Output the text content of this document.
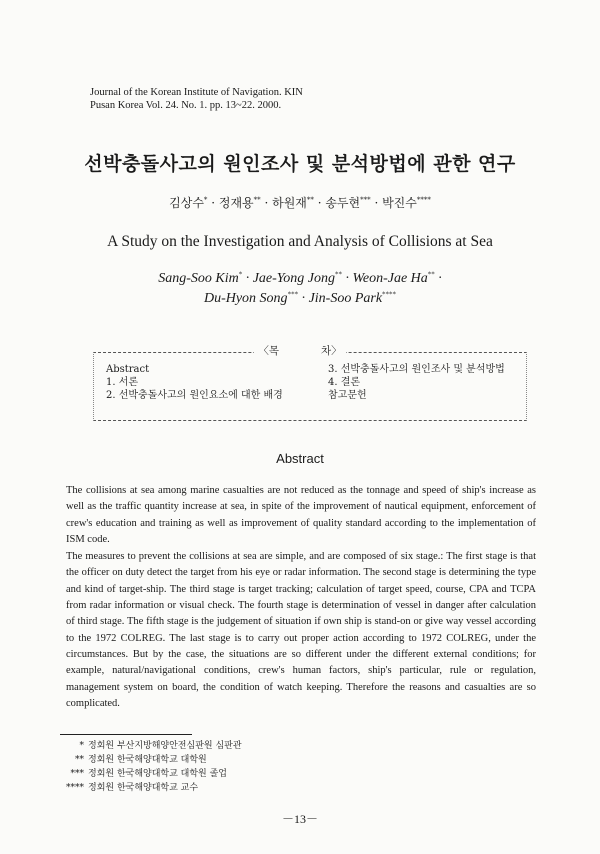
Journal of the Korean Institute of Navigation. KIN
Pusan Korea Vol. 24. No. 1. pp. 13~22. 2000.
선박충돌사고의 원인조사 및 분석방법에 관한 연구
김상수* · 정재용** · 하원재** · 송두현*** · 박진수****
A Study on the Investigation and Analysis of Collisions at Sea
Sang-Soo Kim* · Jae-Yong Jong** · Weon-Jae Ha** ·
Du-Hyon Song*** · Jin-Soo Park****
Abstract
1. 서론
2. 선박충돌사고의 원인요소에 대한 배경
3. 선박충돌사고의 원인조사 및 분석방법
4. 결론
참고문헌
〈목　　　　차〉
Abstract

The collisions at sea among marine casualties are not reduced as the tonnage and speed of ship's increase as well as the traffic quantity increase at sea, in spite of the improvement of nautical equipment, enforcement of crew's education and training as well as improvement of quality standard according to the implementation of ISM code.

The measures to prevent the collisions at sea are simple, and are composed of six stage.: The first stage is that the officer on duty detect the target from his eye or radar information. The second stage is determining the type and kind of target-ship. The third stage is target tracking; calculation of target speed, course, CPA and TCPA from radar information or visual check. The fourth stage is determination of vessel in danger after calculation of third stage. The fifth stage is the judgement of situation if own ship is stand-on or give way vessel according to the 1972 COLREG. The last stage is to carry out proper action according to 1972 COLREG, under the circumstances. But by the case, the situations are so different under the different external conditions; for example, natural/navigational conditions, crew's human factors, ship's particular, rule or regulation, management system on board, the condition of watch keeping. Therefore the reasons and casualties are so complicated.

* 정회원 부산지방해양안전심판원 심판관
** 정회원 한국해양대학교 대학원
*** 정회원 한국해양대학교 대학원 졸업
**** 정회원 한국해양대학교 교수
－13－
